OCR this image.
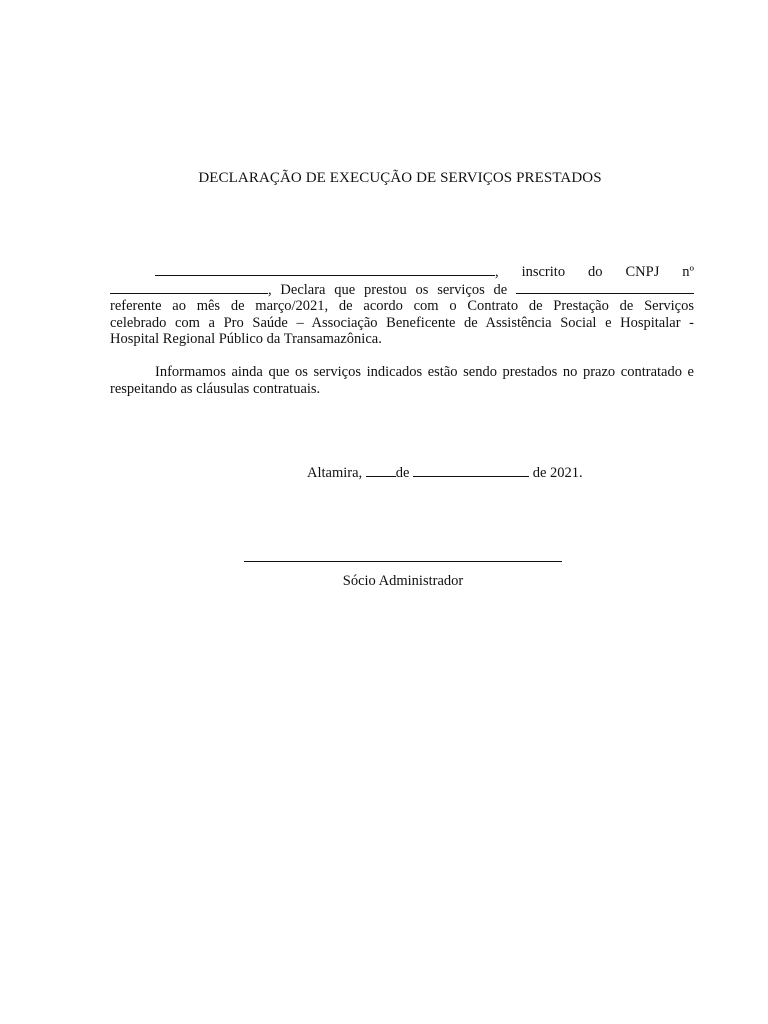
DECLARAÇÃO DE EXECUÇÃO DE SERVIÇOS PRESTADOS
, inscrito do CNPJ nº
, Declara que prestou os serviços de
referente ao mês de março/2021, de acordo com o Contrato de Prestação de Serviços
celebrado com a Pro Saúde – Associação Beneficente de Assistência Social e Hospitalar -
Hospital Regional Público da Transamazônica.
Informamos ainda que os serviços indicados estão sendo prestados no prazo contratado e
respeitando as cláusulas contratuais.
Altamira, de	de 2021.
Sócio Administrador
